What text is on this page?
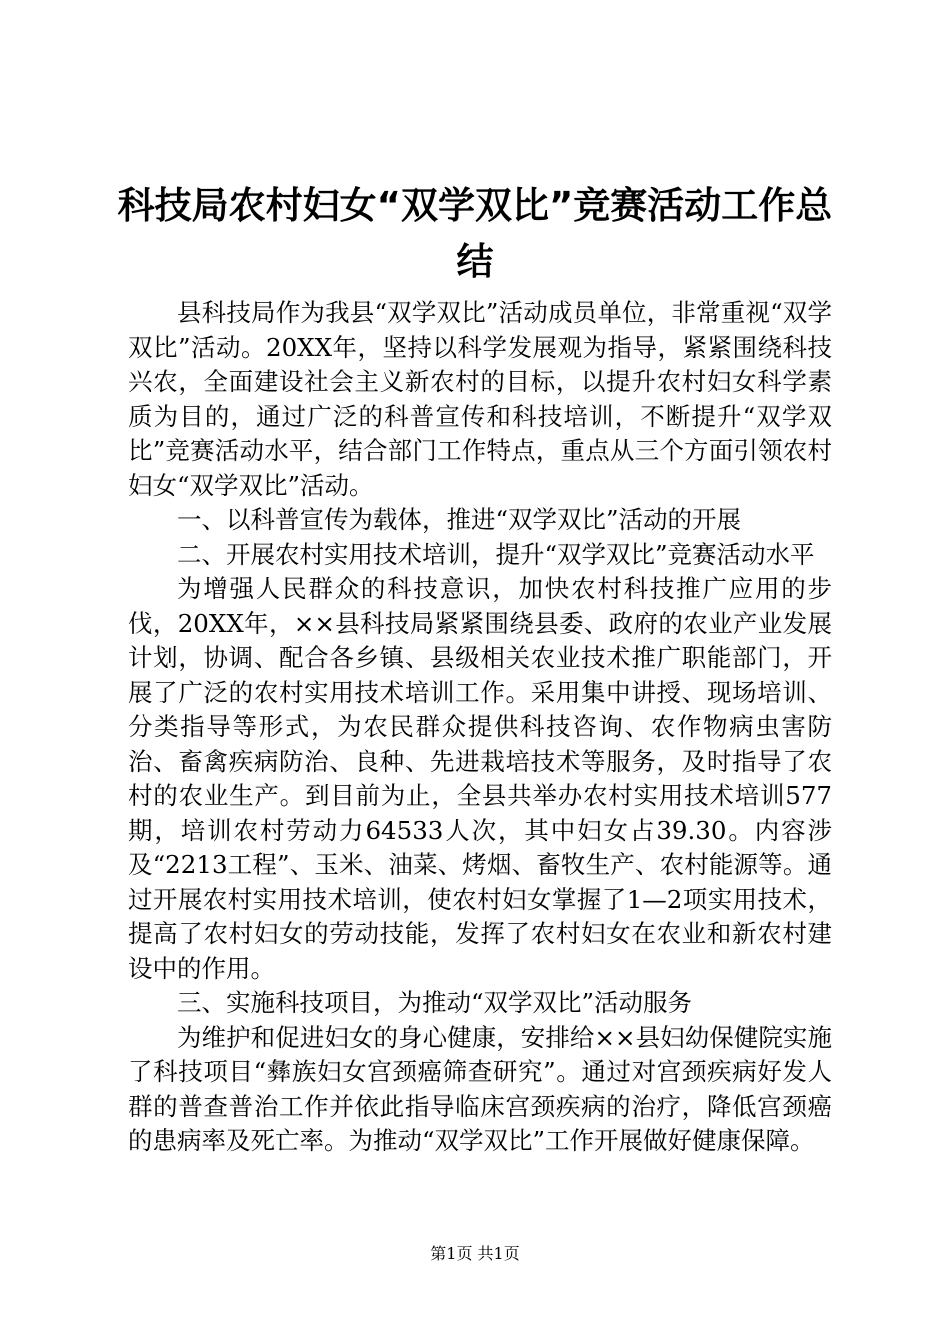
科技局农村妇女“双学双比”竞赛活动工作总结

县科技局作为我县“双学双比”活动成员单位，非常重视“双学双比”活动。20XX年，坚持以科学发展观为指导，紧紧围绕科技兴农，全面建设社会主义新农村的目标，以提升农村妇女科学素质为目的，通过广泛的科普宣传和科技培训，不断提升“双学双比”竞赛活动水平，结合部门工作特点，重点从三个方面引领农村妇女“双学双比”活动。

一、以科普宣传为载体，推进“双学双比”活动的开展

二、开展农村实用技术培训，提升“双学双比”竞赛活动水平

为增强人民群众的科技意识，加快农村科技推广应用的步伐，20XX年，××县科技局紧紧围绕县委、政府的农业产业发展计划，协调、配合各乡镇、县级相关农业技术推广职能部门，开展了广泛的农村实用技术培训工作。采用集中讲授、现场培训、分类指导等形式，为农民群众提供科技咨询、农作物病虫害防治、畜禽疾病防治、良种、先进栽培技术等服务，及时指导了农村的农业生产。到目前为止，全县共举办农村实用技术培训577期，培训农村劳动力64533人次，其中妇女占39.30。内容涉及“2213工程”、玉米、油菜、烤烟、畜牧生产、农村能源等。通过开展农村实用技术培训，使农村妇女掌握了1—2项实用技术，提高了农村妇女的劳动技能，发挥了农村妇女在农业和新农村建设中的作用。

三、实施科技项目，为推动“双学双比”活动服务

为维护和促进妇女的身心健康，安排给××县妇幼保健院实施了科技项目“彝族妇女宫颈癌筛查研究”。通过对宫颈疾病好发人群的普查普治工作并依此指导临床宫颈疾病的治疗，降低宫颈癌的患病率及死亡率。为推动“双学双比”工作开展做好健康保障。

第1页 共1页
